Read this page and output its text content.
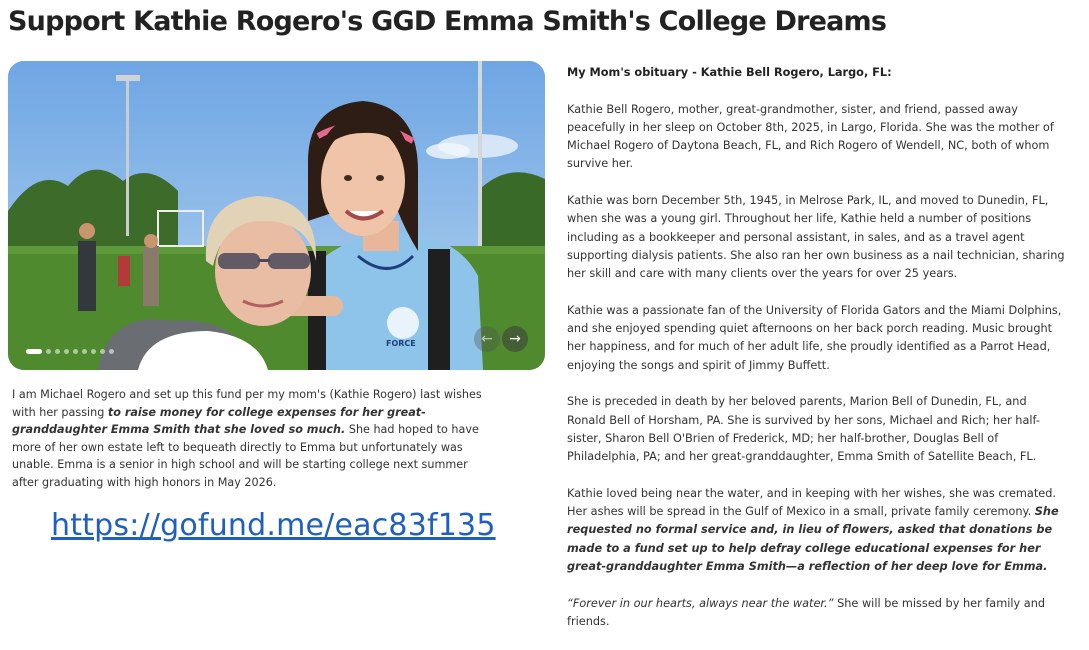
Support Kathie Rogero's GGD Emma Smith's College Dreams
FORCE	← →
I am Michael Rogero and set up this fund per my mom's (Kathie Rogero) last wishes with her passing to raise money for college expenses for her great-granddaughter Emma Smith that she loved so much. She had hoped to have more of her own estate left to bequeath directly to Emma but unfortunately was unable. Emma is a senior in high school and will be starting college next summer after graduating with high honors in May 2026.
https://gofund.me/eac83f135

My Mom's obituary - Kathie Bell Rogero, Largo, FL:

Kathie Bell Rogero, mother, great-grandmother, sister, and friend, passed away peacefully in her sleep on October 8th, 2025, in Largo, Florida. She was the mother of Michael Rogero of Daytona Beach, FL, and Rich Rogero of Wendell, NC, both of whom survive her.

Kathie was born December 5th, 1945, in Melrose Park, IL, and moved to Dunedin, FL, when she was a young girl. Throughout her life, Kathie held a number of positions including as a bookkeeper and personal assistant, in sales, and as a travel agent supporting dialysis patients. She also ran her own business as a nail technician, sharing her skill and care with many clients over the years for over 25 years.

Kathie was a passionate fan of the University of Florida Gators and the Miami Dolphins, and she enjoyed spending quiet afternoons on her back porch reading. Music brought her happiness, and for much of her adult life, she proudly identified as a Parrot Head, enjoying the songs and spirit of Jimmy Buffett.

She is preceded in death by her beloved parents, Marion Bell of Dunedin, FL, and Ronald Bell of Horsham, PA. She is survived by her sons, Michael and Rich; her half-sister, Sharon Bell O'Brien of Frederick, MD; her half-brother, Douglas Bell of Philadelphia, PA; and her great-granddaughter, Emma Smith of Satellite Beach, FL.

Kathie loved being near the water, and in keeping with her wishes, she was cremated. Her ashes will be spread in the Gulf of Mexico in a small, private family ceremony. She requested no formal service and, in lieu of flowers, asked that donations be made to a fund set up to help defray college educational expenses for her great-granddaughter Emma Smith—a reflection of her deep love for Emma.

“Forever in our hearts, always near the water.” She will be missed by her family and friends.
